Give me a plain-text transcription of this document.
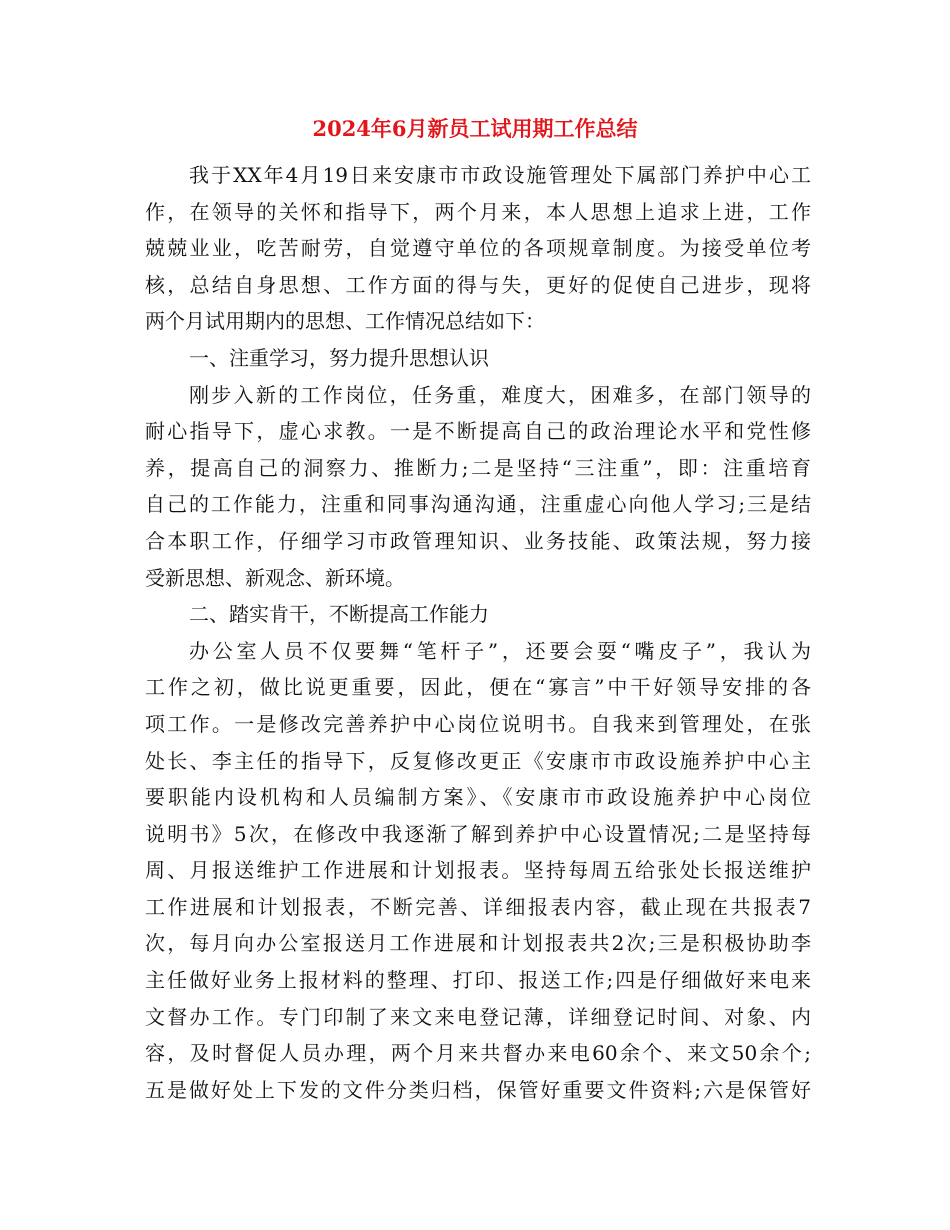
2024年6月新员工试用期工作总结
我于XX年4月19日来安康市市政设施管理处下属部门养护中心工
作，在领导的关怀和指导下，两个月来，本人思想上追求上进，工作
兢兢业业，吃苦耐劳，自觉遵守单位的各项规章制度。为接受单位考
核，总结自身思想、工作方面的得与失，更好的促使自己进步，现将
两个月试用期内的思想、工作情况总结如下：
一、注重学习，努力提升思想认识
刚步入新的工作岗位，任务重，难度大，困难多，在部门领导的
耐心指导下，虚心求教。一是不断提高自己的政治理论水平和党性修
养，提高自己的洞察力、推断力;二是坚持“三注重”，即：注重培育
自己的工作能力，注重和同事沟通沟通，注重虚心向他人学习;三是结
合本职工作，仔细学习市政管理知识、业务技能、政策法规，努力接
受新思想、新观念、新环境。
二、踏实肯干，不断提高工作能力
办公室人员不仅要舞“笔杆子”，还要会耍“嘴皮子”，我认为
工作之初，做比说更重要，因此，便在“寡言”中干好领导安排的各
项工作。一是修改完善养护中心岗位说明书。自我来到管理处，在张
处长、李主任的指导下，反复修改更正《安康市市政设施养护中心主
要职能内设机构和人员编制方案》、《安康市市政设施养护中心岗位
说明书》5次，在修改中我逐渐了解到养护中心设置情况;二是坚持每
周、月报送维护工作进展和计划报表。坚持每周五给张处长报送维护
工作进展和计划报表，不断完善、详细报表内容，截止现在共报表7
次，每月向办公室报送月工作进展和计划报表共2次;三是积极协助李
主任做好业务上报材料的整理、打印、报送工作;四是仔细做好来电来
文督办工作。专门印制了来文来电登记薄，详细登记时间、对象、内
容，及时督促人员办理，两个月来共督办来电60余个、来文50余个;
五是做好处上下发的文件分类归档，保管好重要文件资料;六是保管好
